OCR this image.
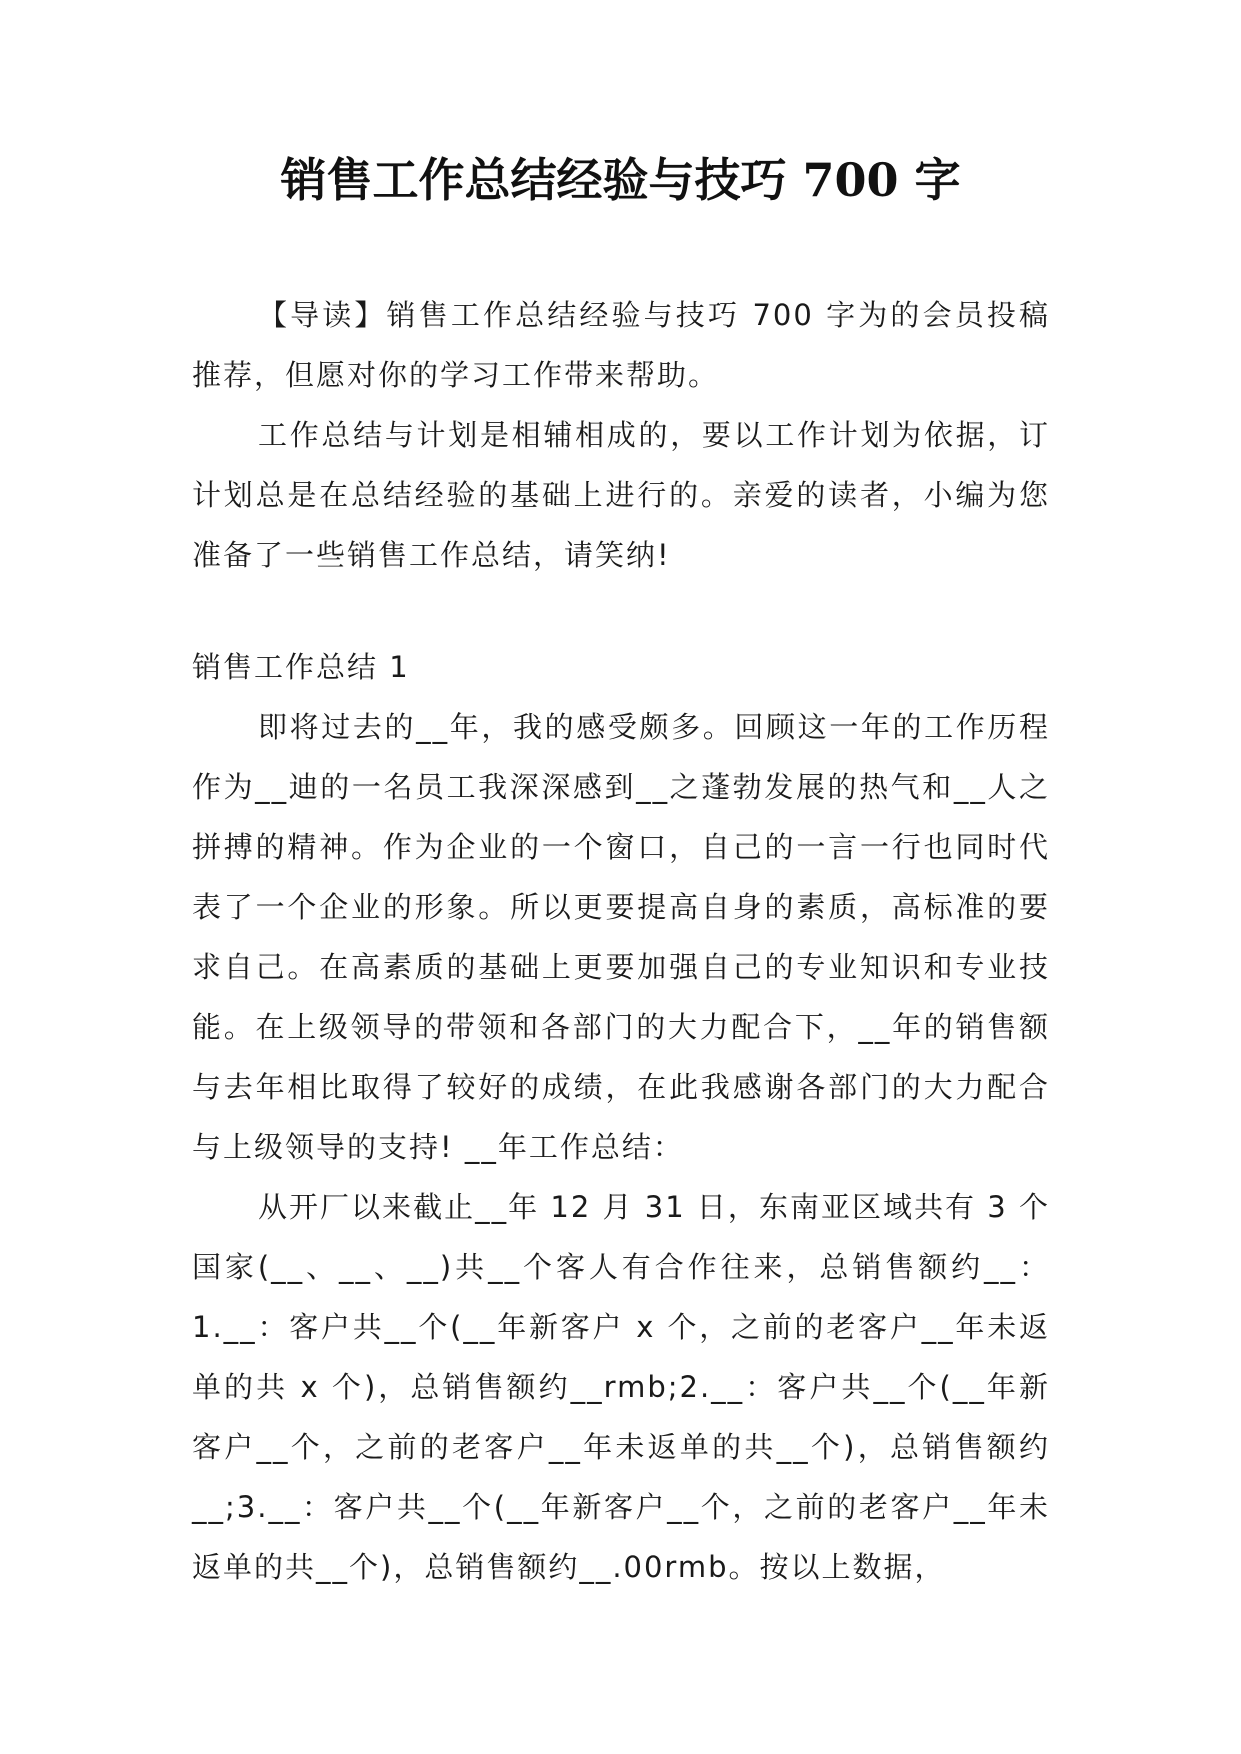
销售工作总结经验与技巧 700 字

【导读】销售工作总结经验与技巧 700 字为的会员投稿推荐，但愿对你的学习工作带来帮助。

工作总结与计划是相辅相成的，要以工作计划为依据，订计划总是在总结经验的基础上进行的。亲爱的读者，小编为您准备了一些销售工作总结，请笑纳!

销售工作总结 1

即将过去的__年，我的感受颇多。回顾这一年的工作历程作为__迪的一名员工我深深感到__之蓬勃发展的热气和__人之拼搏的精神。作为企业的一个窗口，自己的一言一行也同时代表了一个企业的形象。所以更要提高自身的素质，高标准的要求自己。在高素质的基础上更要加强自己的专业知识和专业技能。在上级领导的带领和各部门的大力配合下，__年的销售额与去年相比取得了较好的成绩，在此我感谢各部门的大力配合与上级领导的支持! __年工作总结：

从开厂以来截止__年 12 月 31 日，东南亚区域共有 3 个国家(__、__、__)共__个客人有合作往来，总销售额约__：1.__：客户共__个(__年新客户 x 个，之前的老客户__年未返单的共 x 个)，总销售额约__rmb;2.__：客户共__个(__年新客户__个，之前的老客户__年未返单的共__个)，总销售额约__;3.__：客户共__个(__年新客户__个，之前的老客户__年未返单的共__个)，总销售额约__.00rmb。按以上数据，
